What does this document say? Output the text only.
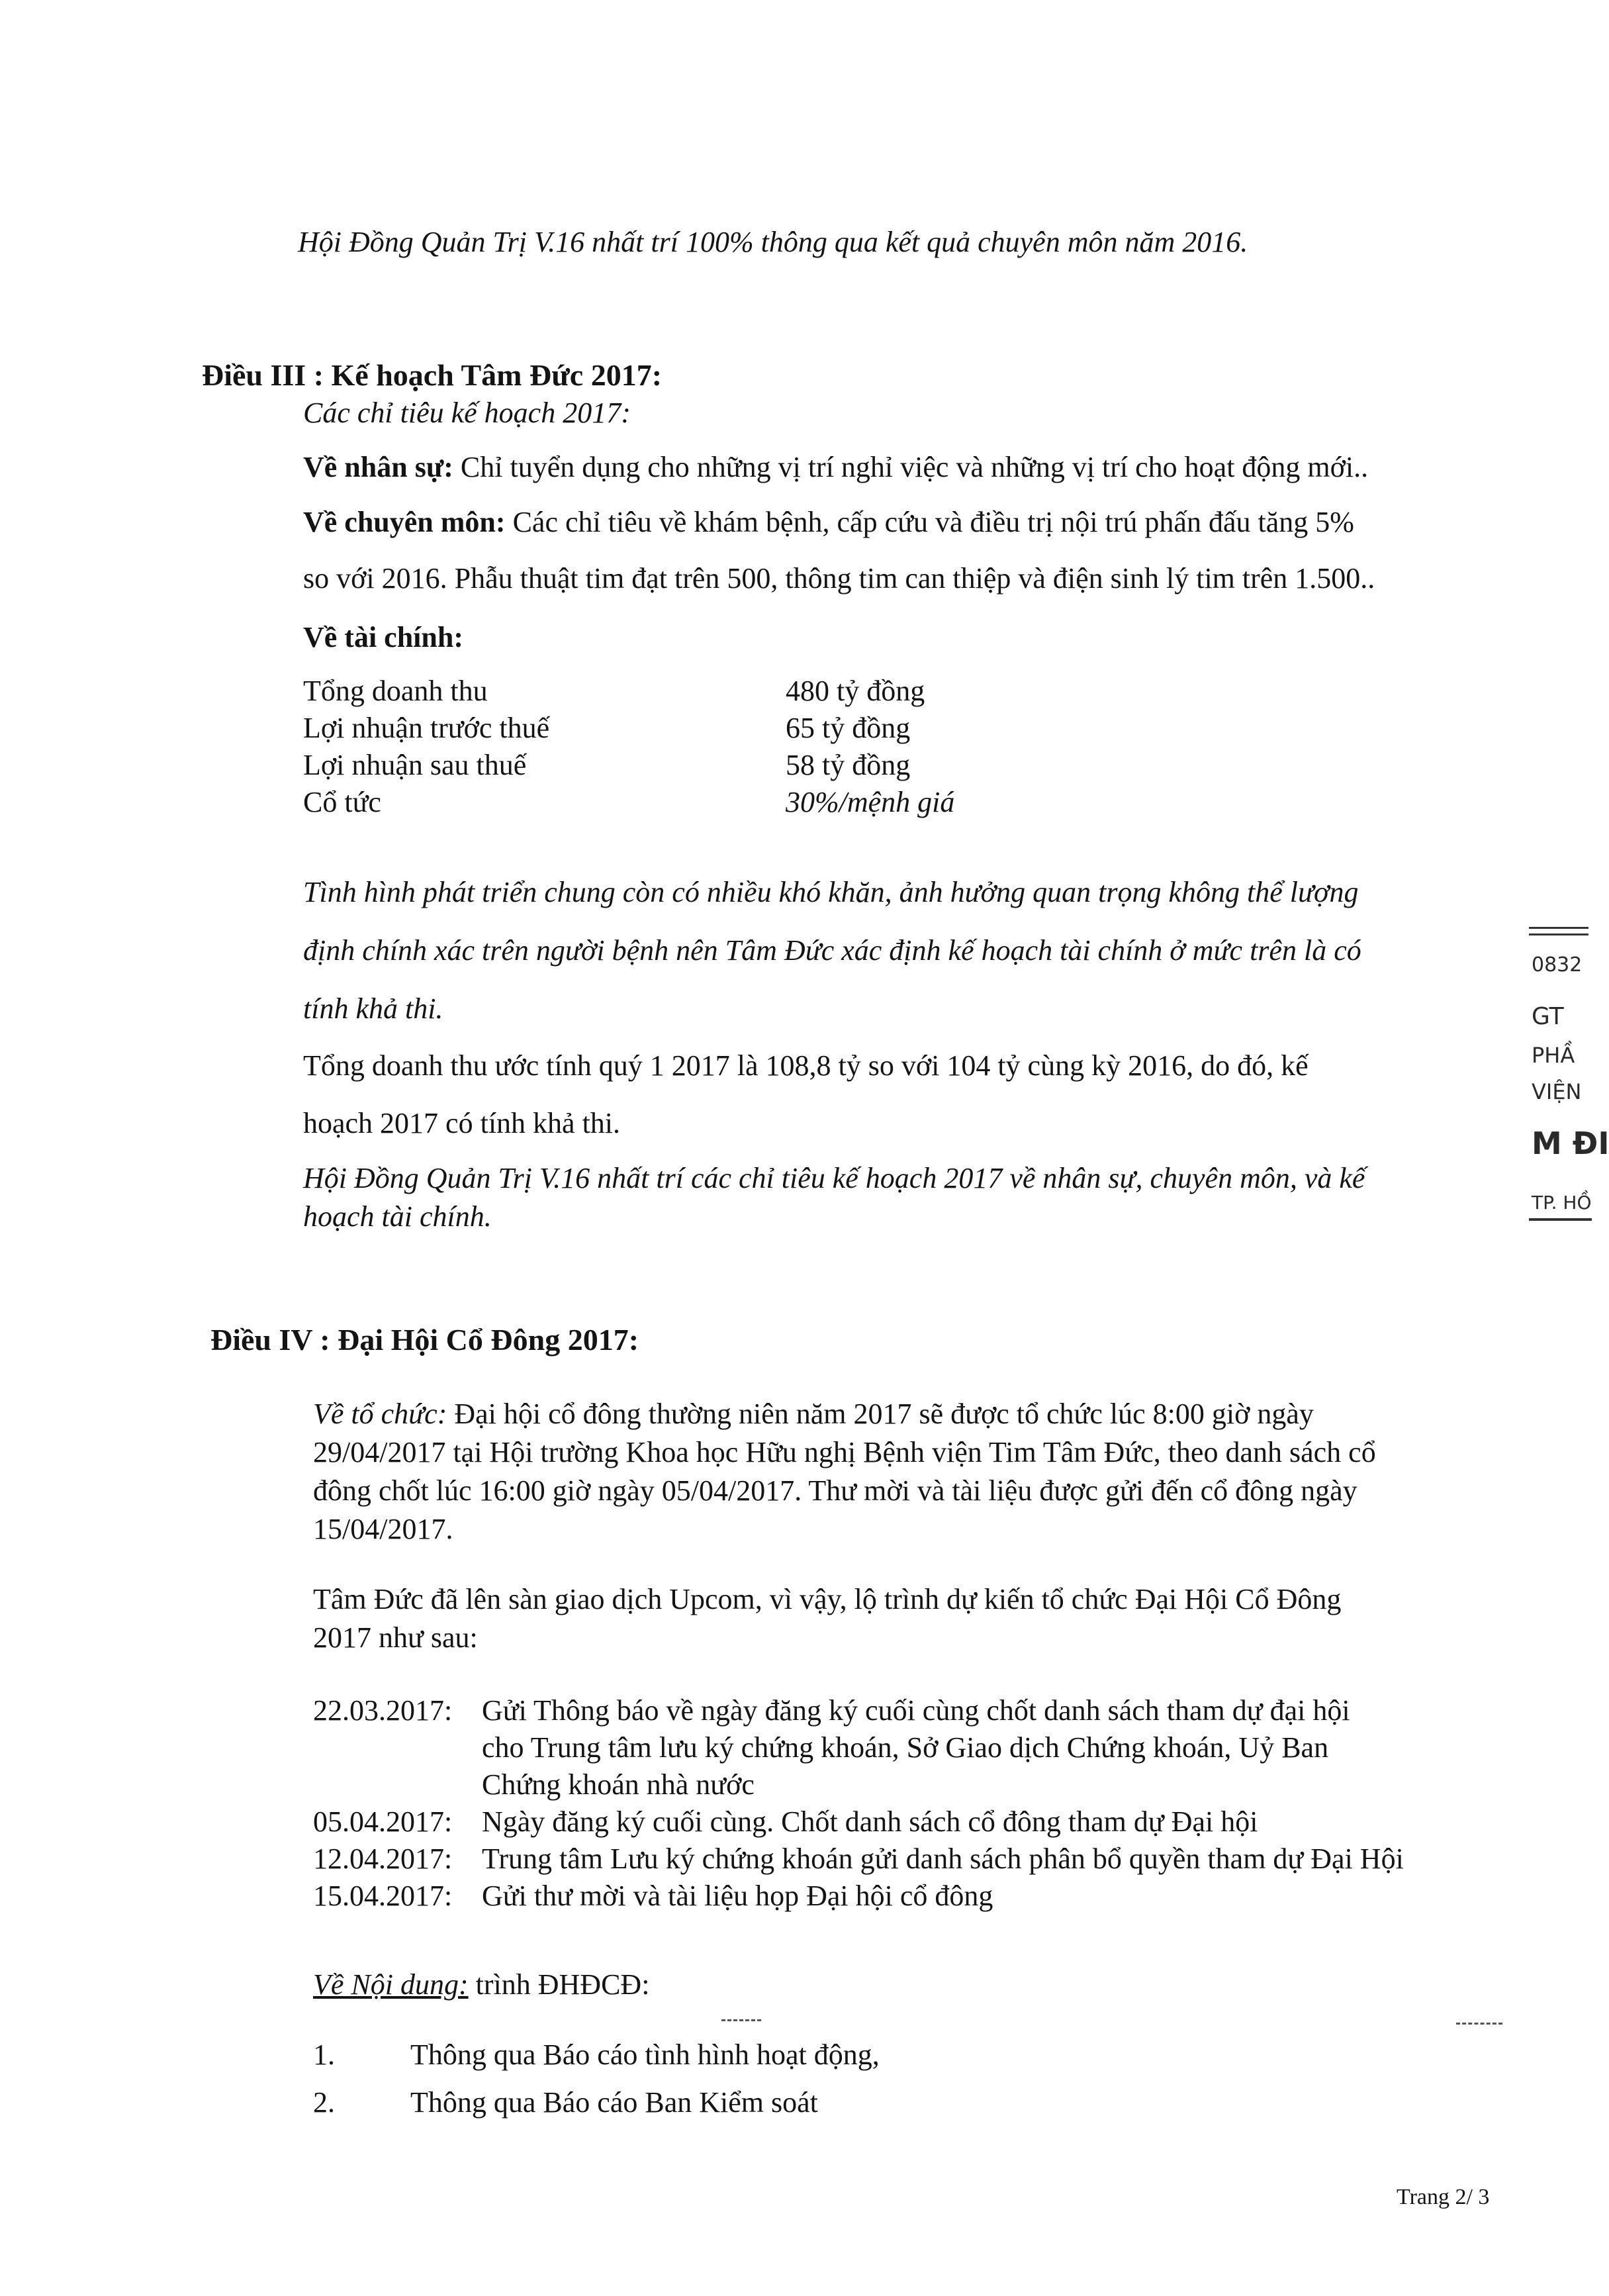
Hội Đồng Quản Trị V.16 nhất trí 100% thông qua kết quả chuyên môn năm 2016.
Điều III : Kế hoạch Tâm Đức 2017:
Các chỉ tiêu kế hoạch 2017:
Về nhân sự: Chỉ tuyển dụng cho những vị trí nghỉ việc và những vị trí cho hoạt động mới..
Về chuyên môn: Các chỉ tiêu về khám bệnh, cấp cứu và điều trị nội trú phấn đấu tăng 5%
so với 2016. Phẫu thuật tim đạt trên 500, thông tim can thiệp và điện sinh lý tim trên 1.500..
Về tài chính:
Tổng doanh thu	480 tỷ đồng
Lợi nhuận trước thuế	65 tỷ đồng
Lợi nhuận sau thuế	58 tỷ đồng
Cổ tức	30%/mệnh giá
Tình hình phát triển chung còn có nhiều khó khăn, ảnh hưởng quan trọng không thể lượng
định chính xác trên người bệnh nên Tâm Đức xác định kế hoạch tài chính ở mức trên là có
tính khả thi.
Tổng doanh thu ước tính quý 1 2017 là 108,8 tỷ so với 104 tỷ cùng kỳ 2016, do đó, kế
hoạch 2017 có tính khả thi.
Hội Đồng Quản Trị V.16 nhất trí các chỉ tiêu kế hoạch 2017 về nhân sự, chuyên môn, và kế
hoạch tài chính.
Điều IV : Đại Hội Cổ Đông 2017:
Về tổ chức: Đại hội cổ đông thường niên năm 2017 sẽ được tổ chức lúc 8:00 giờ ngày
29/04/2017 tại Hội trường Khoa học Hữu nghị Bệnh viện Tim Tâm Đức, theo danh sách cổ
đông chốt lúc 16:00 giờ ngày 05/04/2017. Thư mời và tài liệu được gửi đến cổ đông ngày
15/04/2017.
Tâm Đức đã lên sàn giao dịch Upcom, vì vậy, lộ trình dự kiến tổ chức Đại Hội Cổ Đông
2017 như sau:
22.03.2017: Gửi Thông báo về ngày đăng ký cuối cùng chốt danh sách tham dự đại hội
cho Trung tâm lưu ký chứng khoán, Sở Giao dịch Chứng khoán, Uỷ Ban
Chứng khoán nhà nước
05.04.2017: Ngày đăng ký cuối cùng. Chốt danh sách cổ đông tham dự Đại hội
12.04.2017: Trung tâm Lưu ký chứng khoán gửi danh sách phân bổ quyền tham dự Đại Hội
15.04.2017: Gửi thư mời và tài liệu họp Đại hội cổ đông
Về Nội dung: trình ĐHĐCĐ:
1.	Thông qua Báo cáo tình hình hoạt động,
2.	Thông qua Báo cáo Ban Kiểm soát
0832
GT
PHẦ
VIỆN
M ĐI
TP. HỒ
Trang 2/ 3
